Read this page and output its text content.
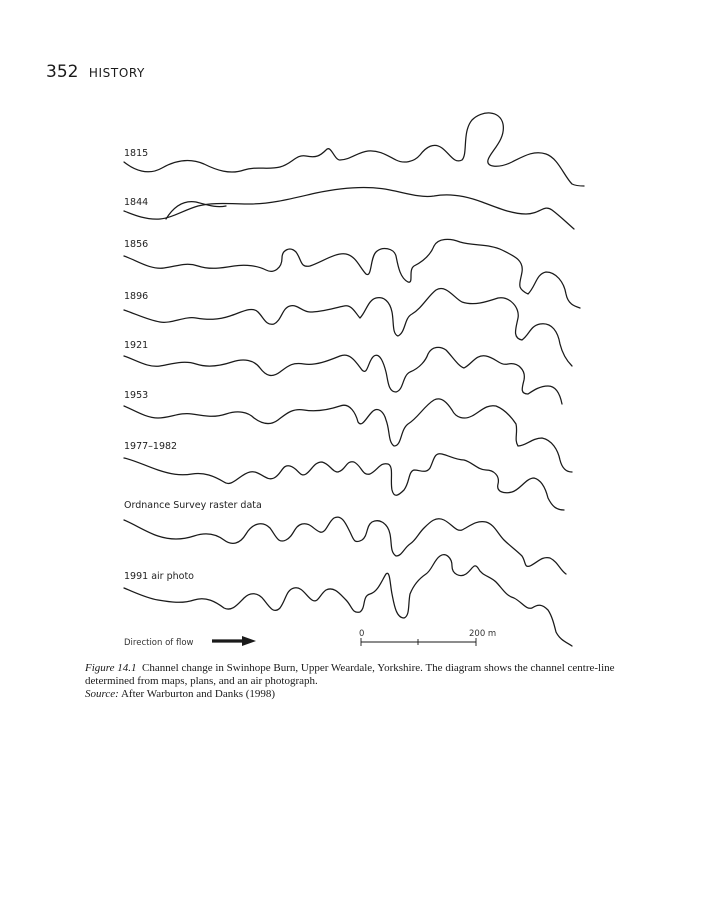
352 HISTORY
1815
1844
1856
1896
1921
1953
1977–1982
Ordnance Survey raster data
1991 air photo
Direction of flow
0	200 m

Figure 14.1 Channel change in Swinhope Burn, Upper Weardale, Yorkshire. The diagram shows the channel centre-line determined from maps, plans, and an air photograph.

Source: After Warburton and Danks (1998)
